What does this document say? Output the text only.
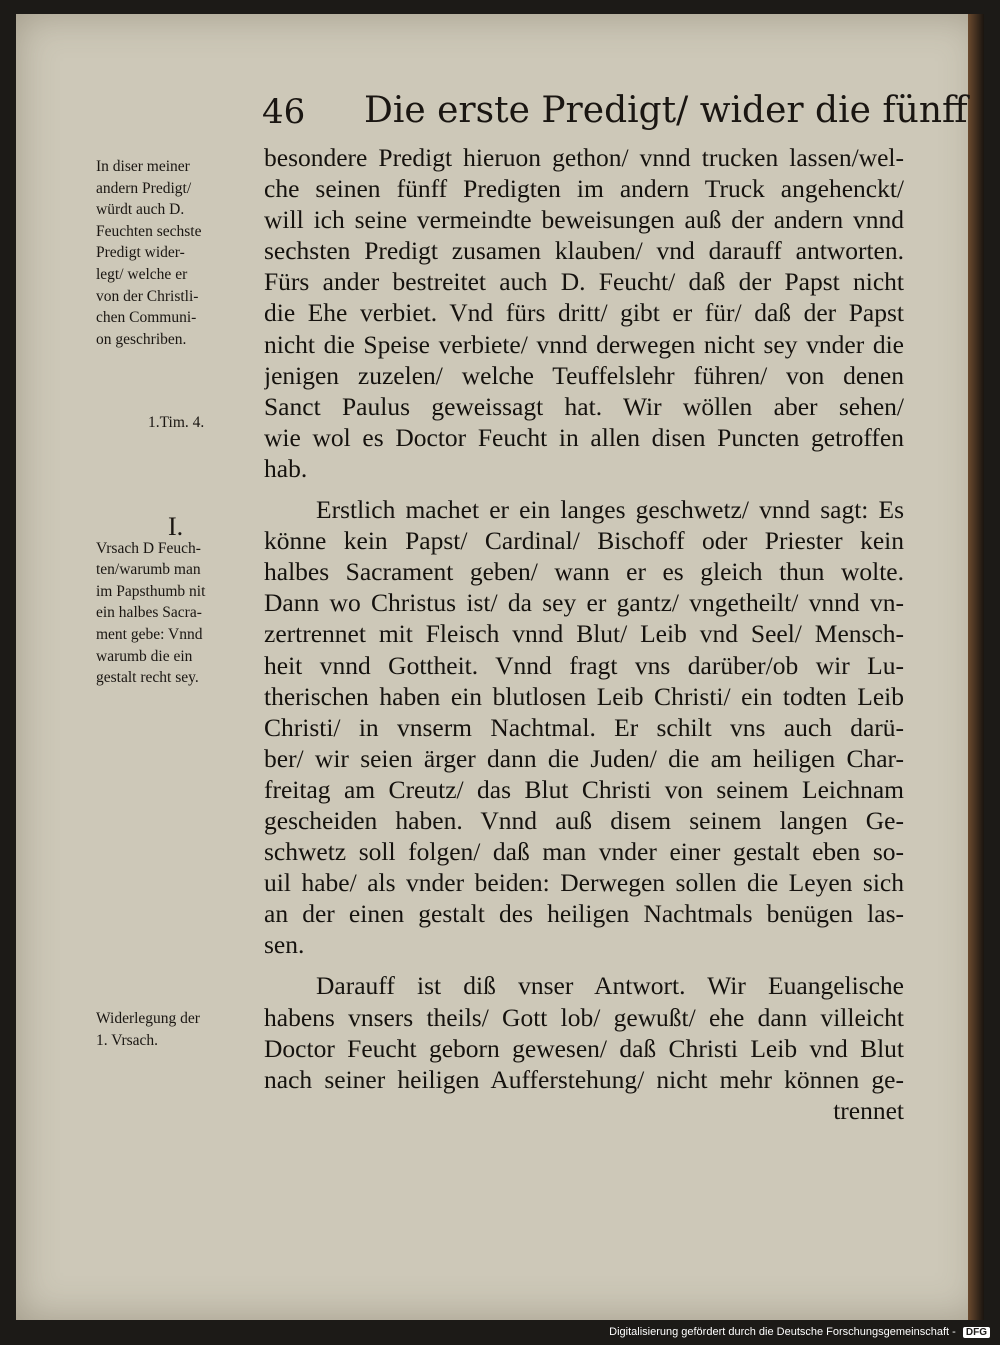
46 Die erste Predigt/ wider die fünff
In diser meiner
andern Predigt/
würdt auch D.
Feuchten sechste
Predigt wider-
legt/ welche er
von der Christli-
chen Communi-
on geschriben.
1.Tim. 4.
I.
Vrsach D Feuch-
ten/warumb man
im Papsthumb nit
ein halbes Sacra-
ment gebe: Vnnd
warumb die ein
gestalt recht sey.
Widerlegung der
1. Vrsach.
besondere Predigt hieruon gethon/ vnnd trucken lassen/wel-
che seinen fünff Predigten im andern Truck angehenckt/
will ich seine vermeindte beweisungen auß der andern vnnd
sechsten Predigt zusamen klauben/ vnd darauff antworten.
Fürs ander bestreitet auch D. Feucht/ daß der Papst nicht
die Ehe verbiet. Vnd fürs dritt/ gibt er für/ daß der Papst
nicht die Speise verbiete/ vnnd derwegen nicht sey vnder die
jenigen zuzelen/ welche Teuffelslehr führen/ von denen
Sanct Paulus geweissagt hat. Wir wöllen aber sehen/
wie wol es Doctor Feucht in allen disen Puncten getroffen
hab.
Erstlich machet er ein langes geschwetz/ vnnd sagt: Es
könne kein Papst/ Cardinal/ Bischoff oder Priester kein
halbes Sacrament geben/ wann er es gleich thun wolte.
Dann wo Christus ist/ da sey er gantz/ vngetheilt/ vnnd vn-
zertrennet mit Fleisch vnnd Blut/ Leib vnd Seel/ Mensch-
heit vnnd Gottheit. Vnnd fragt vns darüber/ob wir Lu-
therischen haben ein blutlosen Leib Christi/ ein todten Leib
Christi/ in vnserm Nachtmal. Er schilt vns auch darü-
ber/ wir seien ärger dann die Juden/ die am heiligen Char-
freitag am Creutz/ das Blut Christi von seinem Leichnam
gescheiden haben. Vnnd auß disem seinem langen Ge-
schwetz soll folgen/ daß man vnder einer gestalt eben so-
uil habe/ als vnder beiden: Derwegen sollen die Leyen sich
an der einen gestalt des heiligen Nachtmals benügen las-
sen.
Darauff ist diß vnser Antwort. Wir Euangelische
habens vnsers theils/ Gott lob/ gewußt/ ehe dann villeicht
Doctor Feucht geborn gewesen/ daß Christi Leib vnd Blut
nach seiner heiligen Aufferstehung/ nicht mehr können ge-
trennet
Digitalisierung gefördert durch die Deutsche Forschungsgemeinschaft - DFG
